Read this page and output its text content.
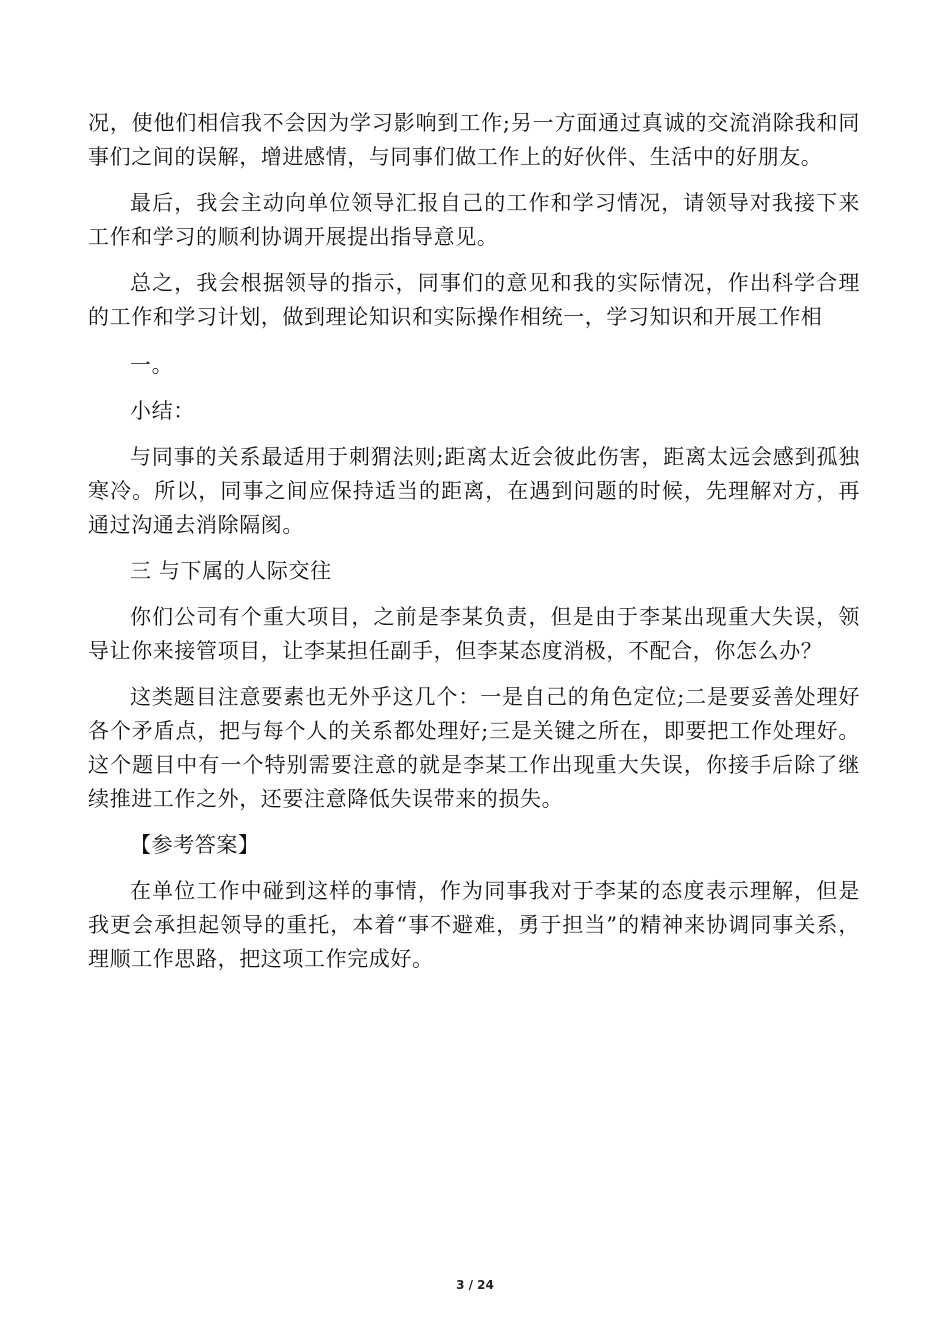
况，使他们相信我不会因为学习影响到工作;另一方面通过真诚的交流消除我和同事们之间的误解，增进感情，与同事们做工作上的好伙伴、生活中的好朋友。

最后，我会主动向单位领导汇报自己的工作和学习情况，请领导对我接下来工作和学习的顺利协调开展提出指导意见。

总之，我会根据领导的指示，同事们的意见和我的实际情况，作出科学合理的工作和学习计划，做到理论知识和实际操作相统一，学习知识和开展工作相

一。

小结：

与同事的关系最适用于刺猬法则;距离太近会彼此伤害，距离太远会感到孤独寒冷。所以，同事之间应保持适当的距离，在遇到问题的时候，先理解对方，再通过沟通去消除隔阂。

三 与下属的人际交往

你们公司有个重大项目，之前是李某负责，但是由于李某出现重大失误，领导让你来接管项目，让李某担任副手，但李某态度消极，不配合，你怎么办？

这类题目注意要素也无外乎这几个：一是自己的角色定位;二是要妥善处理好各个矛盾点，把与每个人的关系都处理好;三是关键之所在，即要把工作处理好。这个题目中有一个特别需要注意的就是李某工作出现重大失误，你接手后除了继续推进工作之外，还要注意降低失误带来的损失。

【参考答案】

在单位工作中碰到这样的事情，作为同事我对于李某的态度表示理解，但是我更会承担起领导的重托，本着“事不避难，勇于担当”的精神来协调同事关系，理顺工作思路，把这项工作完成好。

3 / 24
